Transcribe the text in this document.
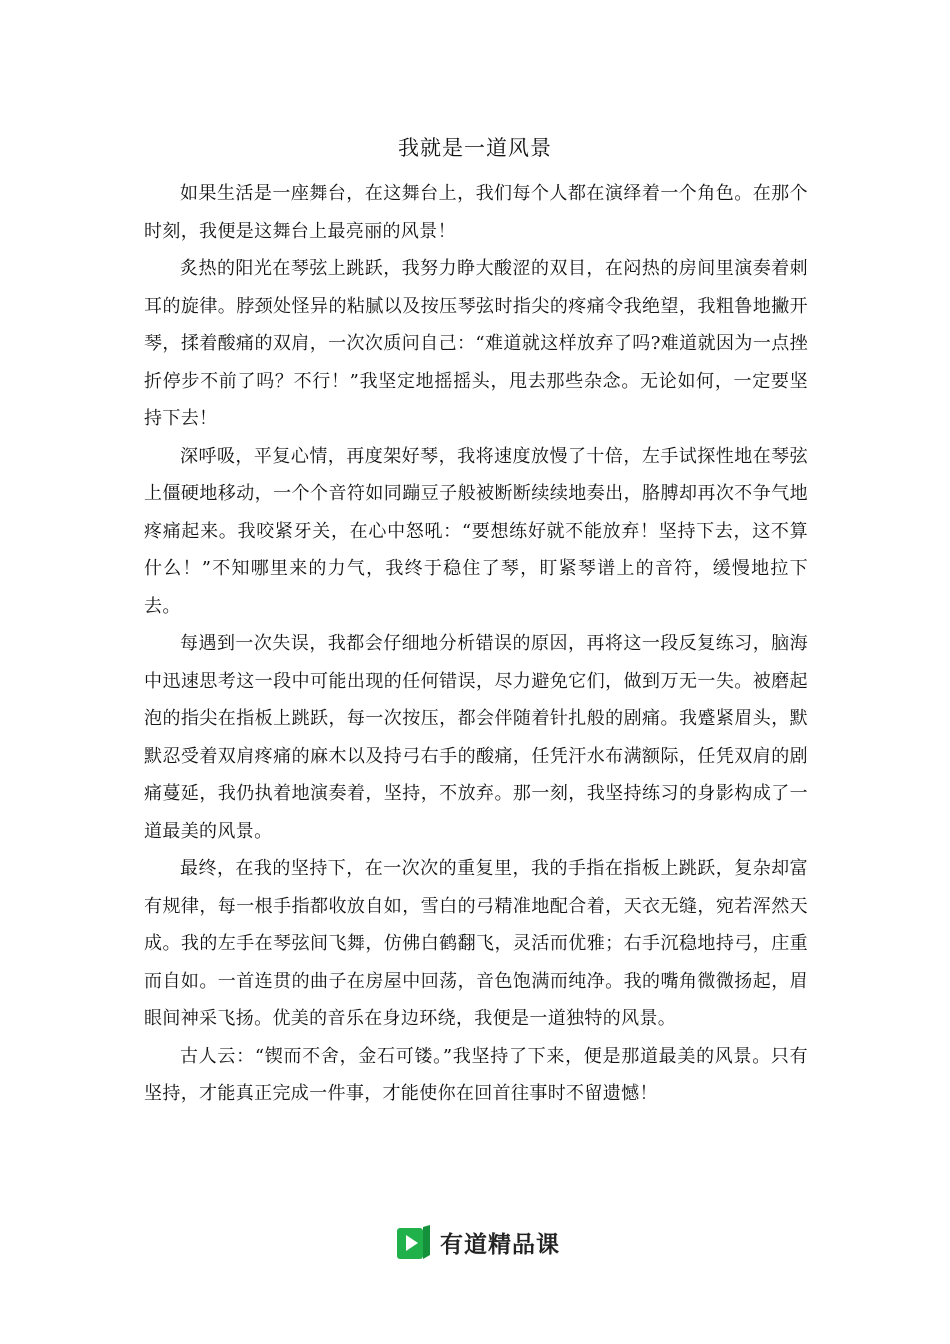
我就是一道风景

如果生活是一座舞台，在这舞台上，我们每个人都在演绎着一个角色。在那个时刻，我便是这舞台上最亮丽的风景！

炙热的阳光在琴弦上跳跃，我努力睁大酸涩的双目，在闷热的房间里演奏着刺耳的旋律。脖颈处怪异的粘腻以及按压琴弦时指尖的疼痛令我绝望，我粗鲁地撇开琴，揉着酸痛的双肩，一次次质问自己：“难道就这样放弃了吗?难道就因为一点挫折停步不前了吗？不行！”我坚定地摇摇头，甩去那些杂念。无论如何，一定要坚持下去！

深呼吸，平复心情，再度架好琴，我将速度放慢了十倍，左手试探性地在琴弦上僵硬地移动，一个个音符如同蹦豆子般被断断续续地奏出，胳膊却再次不争气地疼痛起来。我咬紧牙关，在心中怒吼：“要想练好就不能放弃！坚持下去，这不算什么！”不知哪里来的力气，我终于稳住了琴，盯紧琴谱上的音符，缓慢地拉下去。

每遇到一次失误，我都会仔细地分析错误的原因，再将这一段反复练习，脑海中迅速思考这一段中可能出现的任何错误，尽力避免它们，做到万无一失。被磨起泡的指尖在指板上跳跃，每一次按压，都会伴随着针扎般的剧痛。我蹙紧眉头，默默忍受着双肩疼痛的麻木以及持弓右手的酸痛，任凭汗水布满额际，任凭双肩的剧痛蔓延，我仍执着地演奏着，坚持，不放弃。那一刻，我坚持练习的身影构成了一道最美的风景。

最终，在我的坚持下，在一次次的重复里，我的手指在指板上跳跃，复杂却富有规律，每一根手指都收放自如，雪白的弓精准地配合着，天衣无缝，宛若浑然天成。我的左手在琴弦间飞舞，仿佛白鹤翻飞，灵活而优雅；右手沉稳地持弓，庄重而自如。一首连贯的曲子在房屋中回荡，音色饱满而纯净。我的嘴角微微扬起，眉眼间神采飞扬。优美的音乐在身边环绕，我便是一道独特的风景。

古人云：“锲而不舍，金石可镂。”我坚持了下来，便是那道最美的风景。只有坚持，才能真正完成一件事，才能使你在回首往事时不留遗憾！

有道精品课
